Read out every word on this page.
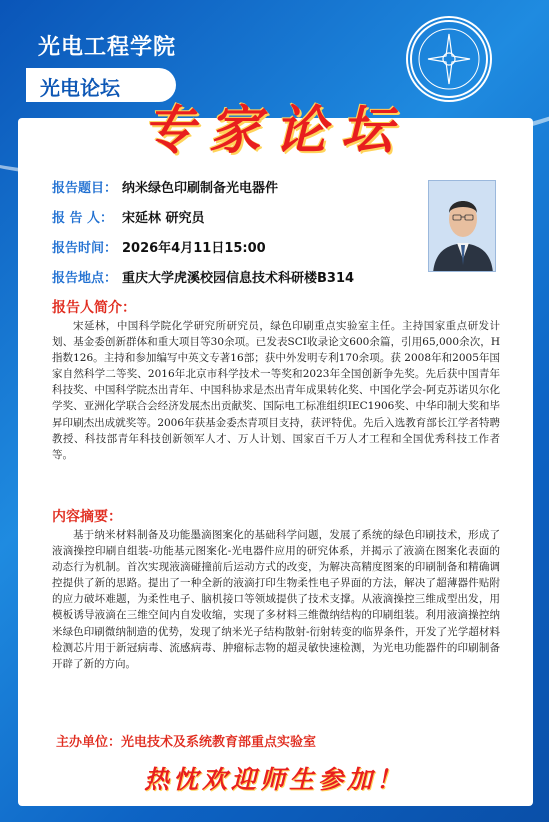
光电工程学院
光电论坛
专家论坛
报告题目： 纳米绿色印刷制备光电器件
报 告 人： 宋延林 研究员
报告时间： 2026年4月11日15:00
报告地点： 重庆大学虎溪校园信息技术科研楼B314
报告人简介：
宋延林，中国科学院化学研究所研究员，绿色印刷重点实验室主任。主持国家重点研发计划、基金委创新群体和重大项目等30余项。已发表SCI收录论文600余篇，引用65,000余次，H指数126。主持和参加编写中英文专著16部；获中外发明专利170余项。获 2008年和2005年国家自然科学二等奖、2016年北京市科学技术一等奖和2023年全国创新争先奖。先后获中国青年科技奖、中国科学院杰出青年、中国科协求是杰出青年成果转化奖、中国化学会-阿克苏诺贝尔化学奖、亚洲化学联合会经济发展杰出贡献奖、国际电工标准组织IEC1906奖、中华印制大奖和毕昇印刷杰出成就奖等。2006年获基金委杰青项目支持，获评特优。先后入选教育部长江学者特聘教授、科技部青年科技创新领军人才、万人计划、国家百千万人才工程和全国优秀科技工作者等。
内容摘要：
基于纳米材料制备及功能墨滴图案化的基础科学问题，发展了系统的绿色印刷技术，形成了液滴操控印刷自组装-功能基元图案化-光电器件应用的研究体系，并揭示了液滴在图案化表面的动态行为机制。首次实现液滴碰撞前后运动方式的改变，为解决高精度图案的印刷制备和精确调控提供了新的思路。提出了一种全新的液滴打印生物柔性电子界面的方法，解决了超薄器件贴附的应力破坏难题，为柔性电子、脑机接口等领域提供了技术支撑。从液滴操控三维成型出发，用模板诱导液滴在三维空间内自发收缩，实现了多材料三维微纳结构的印刷组装。利用液滴操控纳米绿色印刷微纳制造的优势，发现了纳米光子结构散射-衍射转变的临界条件，开发了光学超材料检测芯片用于新冠病毒、流感病毒、肿瘤标志物的超灵敏快速检测，为光电功能器件的印刷制备开辟了新的方向。
主办单位：光电技术及系统教育部重点实验室
热忱欢迎师生参加！
